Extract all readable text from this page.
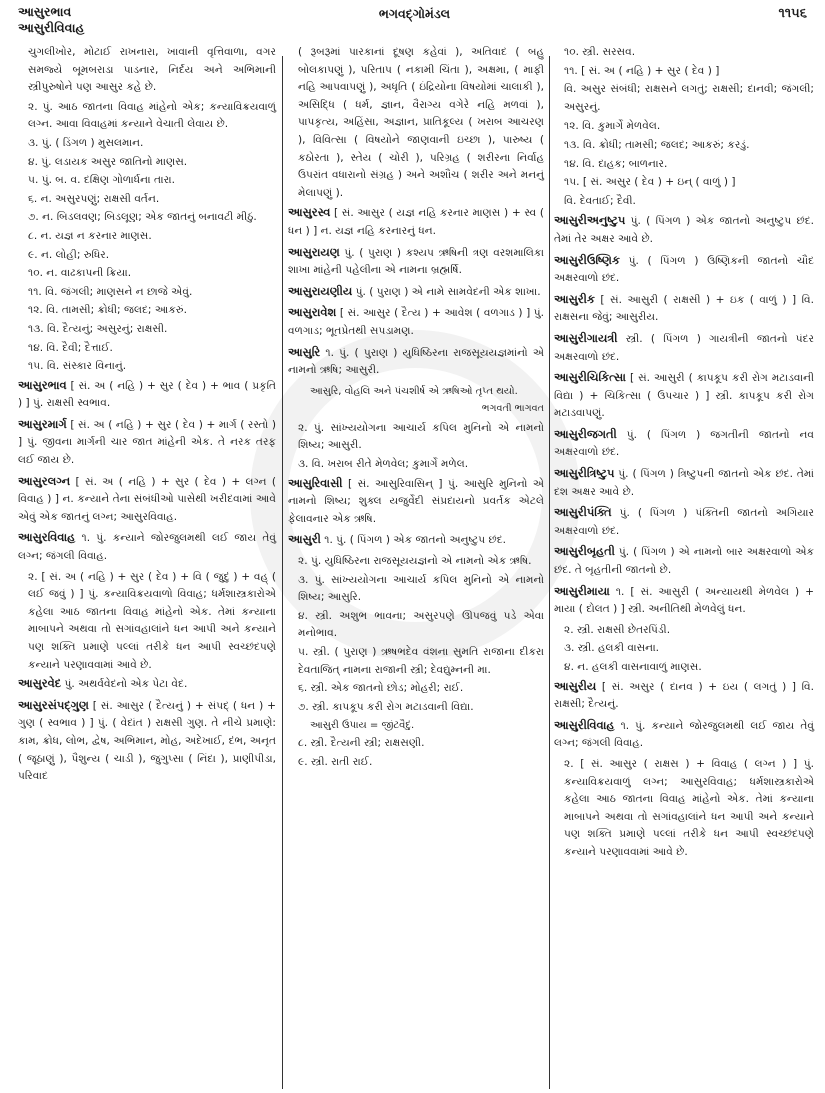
આસુરભાવ
આસુરીવિવાહ
ભગવદ્ગોમંડલ	૧૧૫૬
ચુગલીખોર, મોટાઈ રાખનારા, ખાવાની વૃત્તિવાળા, વગર સમજ્યે બૂમબરાડા પાડનાર, નિર્દય અને અભિમાની સ્ત્રીપુરુષોને પણ આસુર કહે છે.
૨. પું. આઠ જાતના વિવાહ માંહેનો એક; કન્યાવિક્રયવાળું લગ્ન. આવા વિવાહમાં કન્યાને વેચાતી લેવાય છે.
૩. પું. ( ડિંગળ ) મુસલમાન.
૪. પું. લડાયક અસુર જાતિનો માણસ.
૫. પું. બ. વ. દક્ષિણ ગોળાર્ધના તારા.
૬. ન. અસુરપણું; રાક્ષસી વર્તન.
૭. ન. બિડલવણ; બિડલૂણ; એક જાતનું બનાવટી મીઠું.
૮. ન. યજ્ઞ ન કરનાર માણસ.
૯. ન. લોહી; રુધિર.
૧૦. ન. વાઢકાપની ક્રિયા.
૧૧. વિ. જંગલી; માણસને ન છાજે એવું.
૧૨. વિ. તામસી; ક્રોધી; જલદ; આકરું.
૧૩. વિ. દૈત્યનું; અસુરનું; રાક્ષસી.
૧૪. વિ. દૈવી; દૈત્તાઈ.
૧૫. વિ. સંસ્કાર વિનાનું.
આસુરભાવ [ સં. અ ( નહિ ) + સુર ( દેવ ) + ભાવ ( પ્રકૃતિ ) ] પું. રાક્ષસી સ્વભાવ.
આસુરમાર્ગ [ સં. અ ( નહિ ) + સુર ( દેવ ) + માર્ગ ( રસ્તો ) ] પું. જીવના માર્ગની ચાર જાત માંહેની એક. તે નરક તરફ લઈ જાય છે.
આસુરલગ્ન [ સં. અ ( નહિ ) + સુર ( દેવ ) + લગ્ન ( વિવાહ ) ] ન. કન્યાને તેના સંબંધીઓ પાસેથી ખરીદવામાં આવે એવું એક જાતનું લગ્ન; આસુરવિવાહ.
આસુરવિવાહ ૧. પું. કન્યાને જોરજુલમથી લઈ જાય તેવું લગ્ન; જંગલી વિવાહ.
૨. [ સં. અ ( નહિ ) + સુર ( દેવ ) + વિ ( જુદું ) + વહ્ ( લઈ જવું ) ] પું. કન્યાવિક્રયવાળો વિવાહ; ધર્મશાસ્ત્રકારોએ કહેલા આઠ જાતના વિવાહ માંહેનો એક. તેમાં કન્યાના માબાપને અથવા તો સગાંવહાલાંને ધન આપી અને કન્યાને પણ શક્તિ પ્રમાણે પલ્લાં તરીકે ધન આપી સ્વચ્છંદપણે કન્યાને પરણાવવામાં આવે છે.
આસુરવેદ પું. અથર્વવેદનો એક પેટા વેદ.
આસુરસંપદ્ગુણ [ સં. આસુર ( દૈત્યનું ) + સંપદ્ ( ધન ) + ગુણ ( સ્વભાવ ) ] પું. ( વેદાંત ) રાક્ષસી ગુણ. તે નીચે પ્રમાણે: કામ, ક્રોધ, લોભ, દ્વેષ, અભિમાન, મોહ, અદેખાઈ, દંભ, અનૃત ( જૂઠાણું ), પૈશુન્ય ( ચાડી ), જુગુપ્સા ( નિંદા ), પ્રાણીપીડા, પરિવાદ
( રૂબરૂમાં પારકાનાં દૂષણ કહેવાં ), અતિવાદ ( બહુ બોલકાપણું ), પરિતાપ ( નકામી ચિંતા ), અક્ષમા, ( માફી નહિ આપવાપણું ), અધૃતિ ( ઇંદ્રિયોના વિષયોમાં ચાલાકી ), અસિદ્ધિ ( ધર્મ, જ્ઞાન, વૈરાગ્ય વગેરે નહિ મળવાં ), પાપકૃત્ય, અહિંસા, અજ્ઞાન, પ્રાતિકૂલ્ય ( ખરાબ આચરણ ), વિવિત્સા ( વિષયોને જાણવાની ઇચ્છા ), પારુષ્ય ( કઠોરતા ), સ્તેય ( ચોરી ), પરિગ્રહ ( શરીરના નિર્વાહ ઉપરાંત વધારાનો સંગ્રહ ) અને અશૌચ ( શરીર અને મનનું મેલાપણું ).
આસુરસ્વ [ સં. આસુર ( યજ્ઞ નહિ કરનાર માણસ ) + સ્વ ( ધન ) ] ન. યજ્ઞ નહિ કરનારનું ધન.
આસુરાયણ પું. ( પુરાણ ) કશ્યપ ઋષિની ત્રણ વરશમાલિકા શાખા માંહેની પહેલીના એ નામના બ્રહ્મર્ષિ.
આસુરાયણીય પું. ( પુરાણ ) એ નામે સામવેદની એક શાખા.
આસુરાવેશ [ સં. આસુર ( દૈત્ય ) + આવેશ ( વળગાડ ) ] પું. વળગાડ; ભૂતપ્રેતથી સપડામણ.
આસુરિ ૧. પું. ( પુરાણ ) યુધિષ્ઠિરના રાજસૂયયજ્ઞમાંનો એ નામનો ઋષિ; આસુરી.
આસુરિ, વોહલિ અને પંચશીર્ષ એ ઋષિઓ તૃપ્ત થયો.
ભગવતી ભાગવત
૨. પું. સાંખ્યયોગના આચાર્ય કપિલ મુનિનો એ નામનો શિષ્ય; આસુરી.
૩. વિ. ખરાબ રીતે મેળવેલ; કુમાર્ગે મળેલ.
આસુરિવાસી [ સં. આસુરિવાસિન્ ] પું. આસુરિ મુનિનો એ નામનો શિષ્ય; શુક્લ યજુર્વેદી સંપ્રદાયનો પ્રવર્તક એટલે ફેલાવનાર એક ઋષિ.
આસુરી ૧. પું. ( પિંગળ ) એક જાતનો અનુષ્ટુપ છંદ.
૨. પું. યુધિષ્ઠિરના રાજસૂયયજ્ઞનો એ નામનો એક ઋષિ.
૩. પું. સાંખ્યયોગના આચાર્ય કપિલ મુનિનો એ નામનો શિષ્ય; આસુરિ.
૪. સ્ત્રી. અશુભ ભાવના; અસુરપણે ઊપજવું પડે એવા મનોભાવ.
૫. સ્ત્રી. ( પુરાણ ) ઋષભદેવ વંશના સુમતિ રાજાના દીકરા દેવતાજિત્ નામના રાજાની સ્ત્રી; દેવદ્યુમ્નની મા.
૬. સ્ત્રી. એક જાતનો છોડ; મોહરી; રાઈ.
૭. સ્ત્રી. કાપકૂપ કરી રોગ મટાડવાની વિદ્યા.
આસુરી ઉપાય = જીંટવૈદું.
૮. સ્ત્રી. દૈત્યની સ્ત્રી; રાક્ષસણી.
૯. સ્ત્રી. રાતી રાઈ.
૧૦. સ્ત્રી. સરસવ.
૧૧. [ સં. અ ( નહિ ) + સુર ( દેવ ) ]
વિ. અસુર સંબંધી; રાક્ષસને લગતું; રાક્ષસી; દાનવી; જંગલી; અસુરનું.
૧૨. વિ. કુમાર્ગે મેળવેલ.
૧૩. વિ. ક્રોધી; તામસી; જલદ; આકરું; કરડું.
૧૪. વિ. દાહક; બાળનાર.
૧૫. [ સં. અસુર ( દેવ ) + ઇન્ ( વાળું ) ]
વિ. દેવતાઈ; દૈવી.
આસુરીઅનુષ્ટુપ પું. ( પિંગળ ) એક જાતનો અનુષ્ટુપ છંદ. તેમાં તેર અક્ષર આવે છે.
આસુરીઉષ્ણિક પું. ( પિંગળ ) ઉષ્ણિકની જાતનો ચૌદ અક્ષરવાળો છંદ.
આસુરીક [ સં. આસુરી ( રાક્ષસી ) + ઇક ( વાળું ) ] વિ. રાક્ષસના જેવું; આસુરીય.
આસુરીગાયત્રી સ્ત્રી. ( પિંગળ ) ગાયત્રીની જાતનો પંદર અક્ષરવાળો છંદ.
આસુરીચિકિત્સા [ સં. આસુરી ( કાપકૂપ કરી રોગ મટાડવાની વિદ્યા ) + ચિકિત્સા ( ઉપચાર ) ] સ્ત્રી. કાપકૂપ કરી રોગ મટાડવાપણું.
આસુરીજગતી પું. ( પિંગળ ) જગતીની જાતનો નવ અક્ષરવાળો છંદ.
આસુરીત્રિષ્ટુપ પું. ( પિંગળ ) ત્રિષ્ટુપની જાતનો એક છંદ. તેમાં દશ અક્ષર આવે છે.
આસુરીપંક્તિ પું. ( પિંગળ ) પંક્તિની જાતનો અગિયાર અક્ષરવાળો છંદ.
આસુરીબૃહતી પું. ( પિંગળ ) એ નામનો બાર અક્ષરવાળો એક છંદ. તે બૃહતીની જાતનો છે.
આસુરીમાયા ૧. [ સં. આસુરી ( અન્યાયથી મેળવેલ ) + માયા ( દોલત ) ] સ્ત્રી. અનીતિથી મેળવેલું ધન.
૨. સ્ત્રી. રાક્ષસી છેતરપિંડી.
૩. સ્ત્રી. હલકી વાસના.
૪. ન. હલકી વાસનાવાળું માણસ.
આસુરીય [ સં. અસુર ( દાનવ ) + ઇય ( લગતું ) ] વિ. રાક્ષસી; દૈત્યનું.
આસુરીવિવાહ ૧. પું. કન્યાને જોરજુલમથી લઈ જાય તેવું લગ્ન; જંગલી વિવાહ.
૨. [ સં. આસુર ( રાક્ષસ ) + વિવાહ ( લગ્ન ) ] પું. કન્યાવિક્રયવાળું લગ્ન; આસુરવિવાહ; ધર્મશાસ્ત્રકારોએ કહેલા આઠ જાતના વિવાહ માંહેનો એક. તેમાં કન્યાના માબાપને અથવા તો સગાંવહાલાંને ધન આપી અને કન્યાને પણ શક્તિ પ્રમાણે પલ્લાં તરીકે ધન આપી સ્વચ્છંદપણે કન્યાને પરણાવવામાં આવે છે.
